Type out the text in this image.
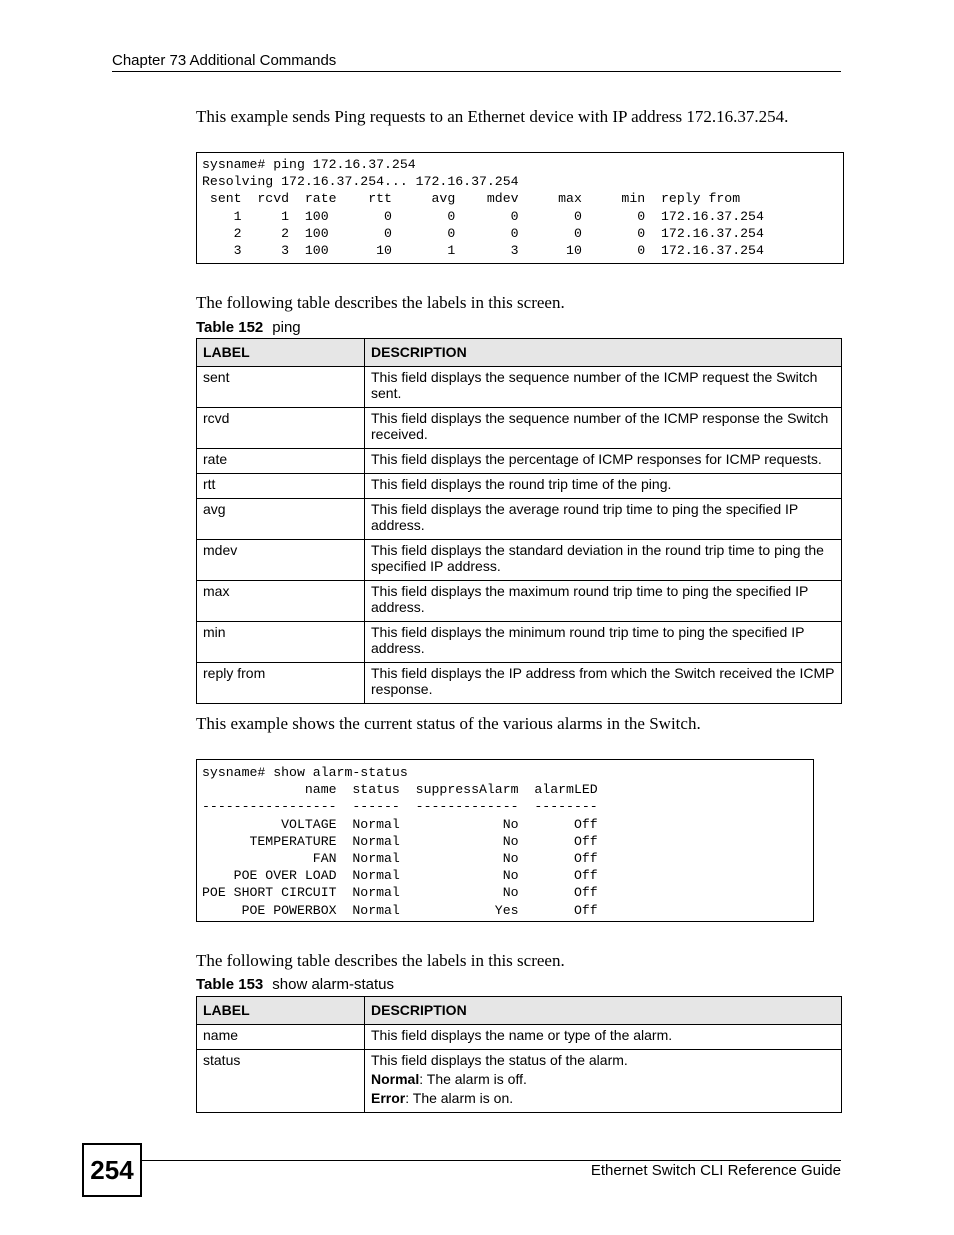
Chapter 73 Additional Commands
This example sends Ping requests to an Ethernet device with IP address 172.16.37.254.
sysname# ping 172.16.37.254
Resolving 172.16.37.254... 172.16.37.254
sent  rcvd  rate    rtt     avg    mdev     max     min  reply from
1     1  100       0       0       0       0       0  172.16.37.254
2     2  100       0       0       0       0       0  172.16.37.254
3     3  100      10       1       3      10       0  172.16.37.254
The following table describes the labels in this screen.
Table 152 ping
LABEL	DESCRIPTION
sent	This field displays the sequence number of the ICMP request the Switch sent.
rcvd	This field displays the sequence number of the ICMP response the Switch received.
rate	This field displays the percentage of ICMP responses for ICMP requests.
rtt	This field displays the round trip time of the ping.
avg	This field displays the average round trip time to ping the specified IP address.
mdev	This field displays the standard deviation in the round trip time to ping the specified IP address.
max	This field displays the maximum round trip time to ping the specified IP address.
min	This field displays the minimum round trip time to ping the specified IP address.
reply from	This field displays the IP address from which the Switch received the ICMP response.
This example shows the current status of the various alarms in the Switch.
sysname# show alarm-status
name  status  suppressAlarm  alarmLED
-----------------  ------  -------------  --------
VOLTAGE  Normal             No       Off
TEMPERATURE  Normal             No       Off
FAN  Normal             No       Off
POE OVER LOAD  Normal             No       Off
POE SHORT CIRCUIT  Normal             No       Off
POE POWERBOX  Normal            Yes       Off
The following table describes the labels in this screen.
Table 153 show alarm-status
LABEL	DESCRIPTION
name	This field displays the name or type of the alarm.
status	This field displays the status of the alarm.
Normal: The alarm is off.
Error: The alarm is on.
254	Ethernet Switch CLI Reference Guide
